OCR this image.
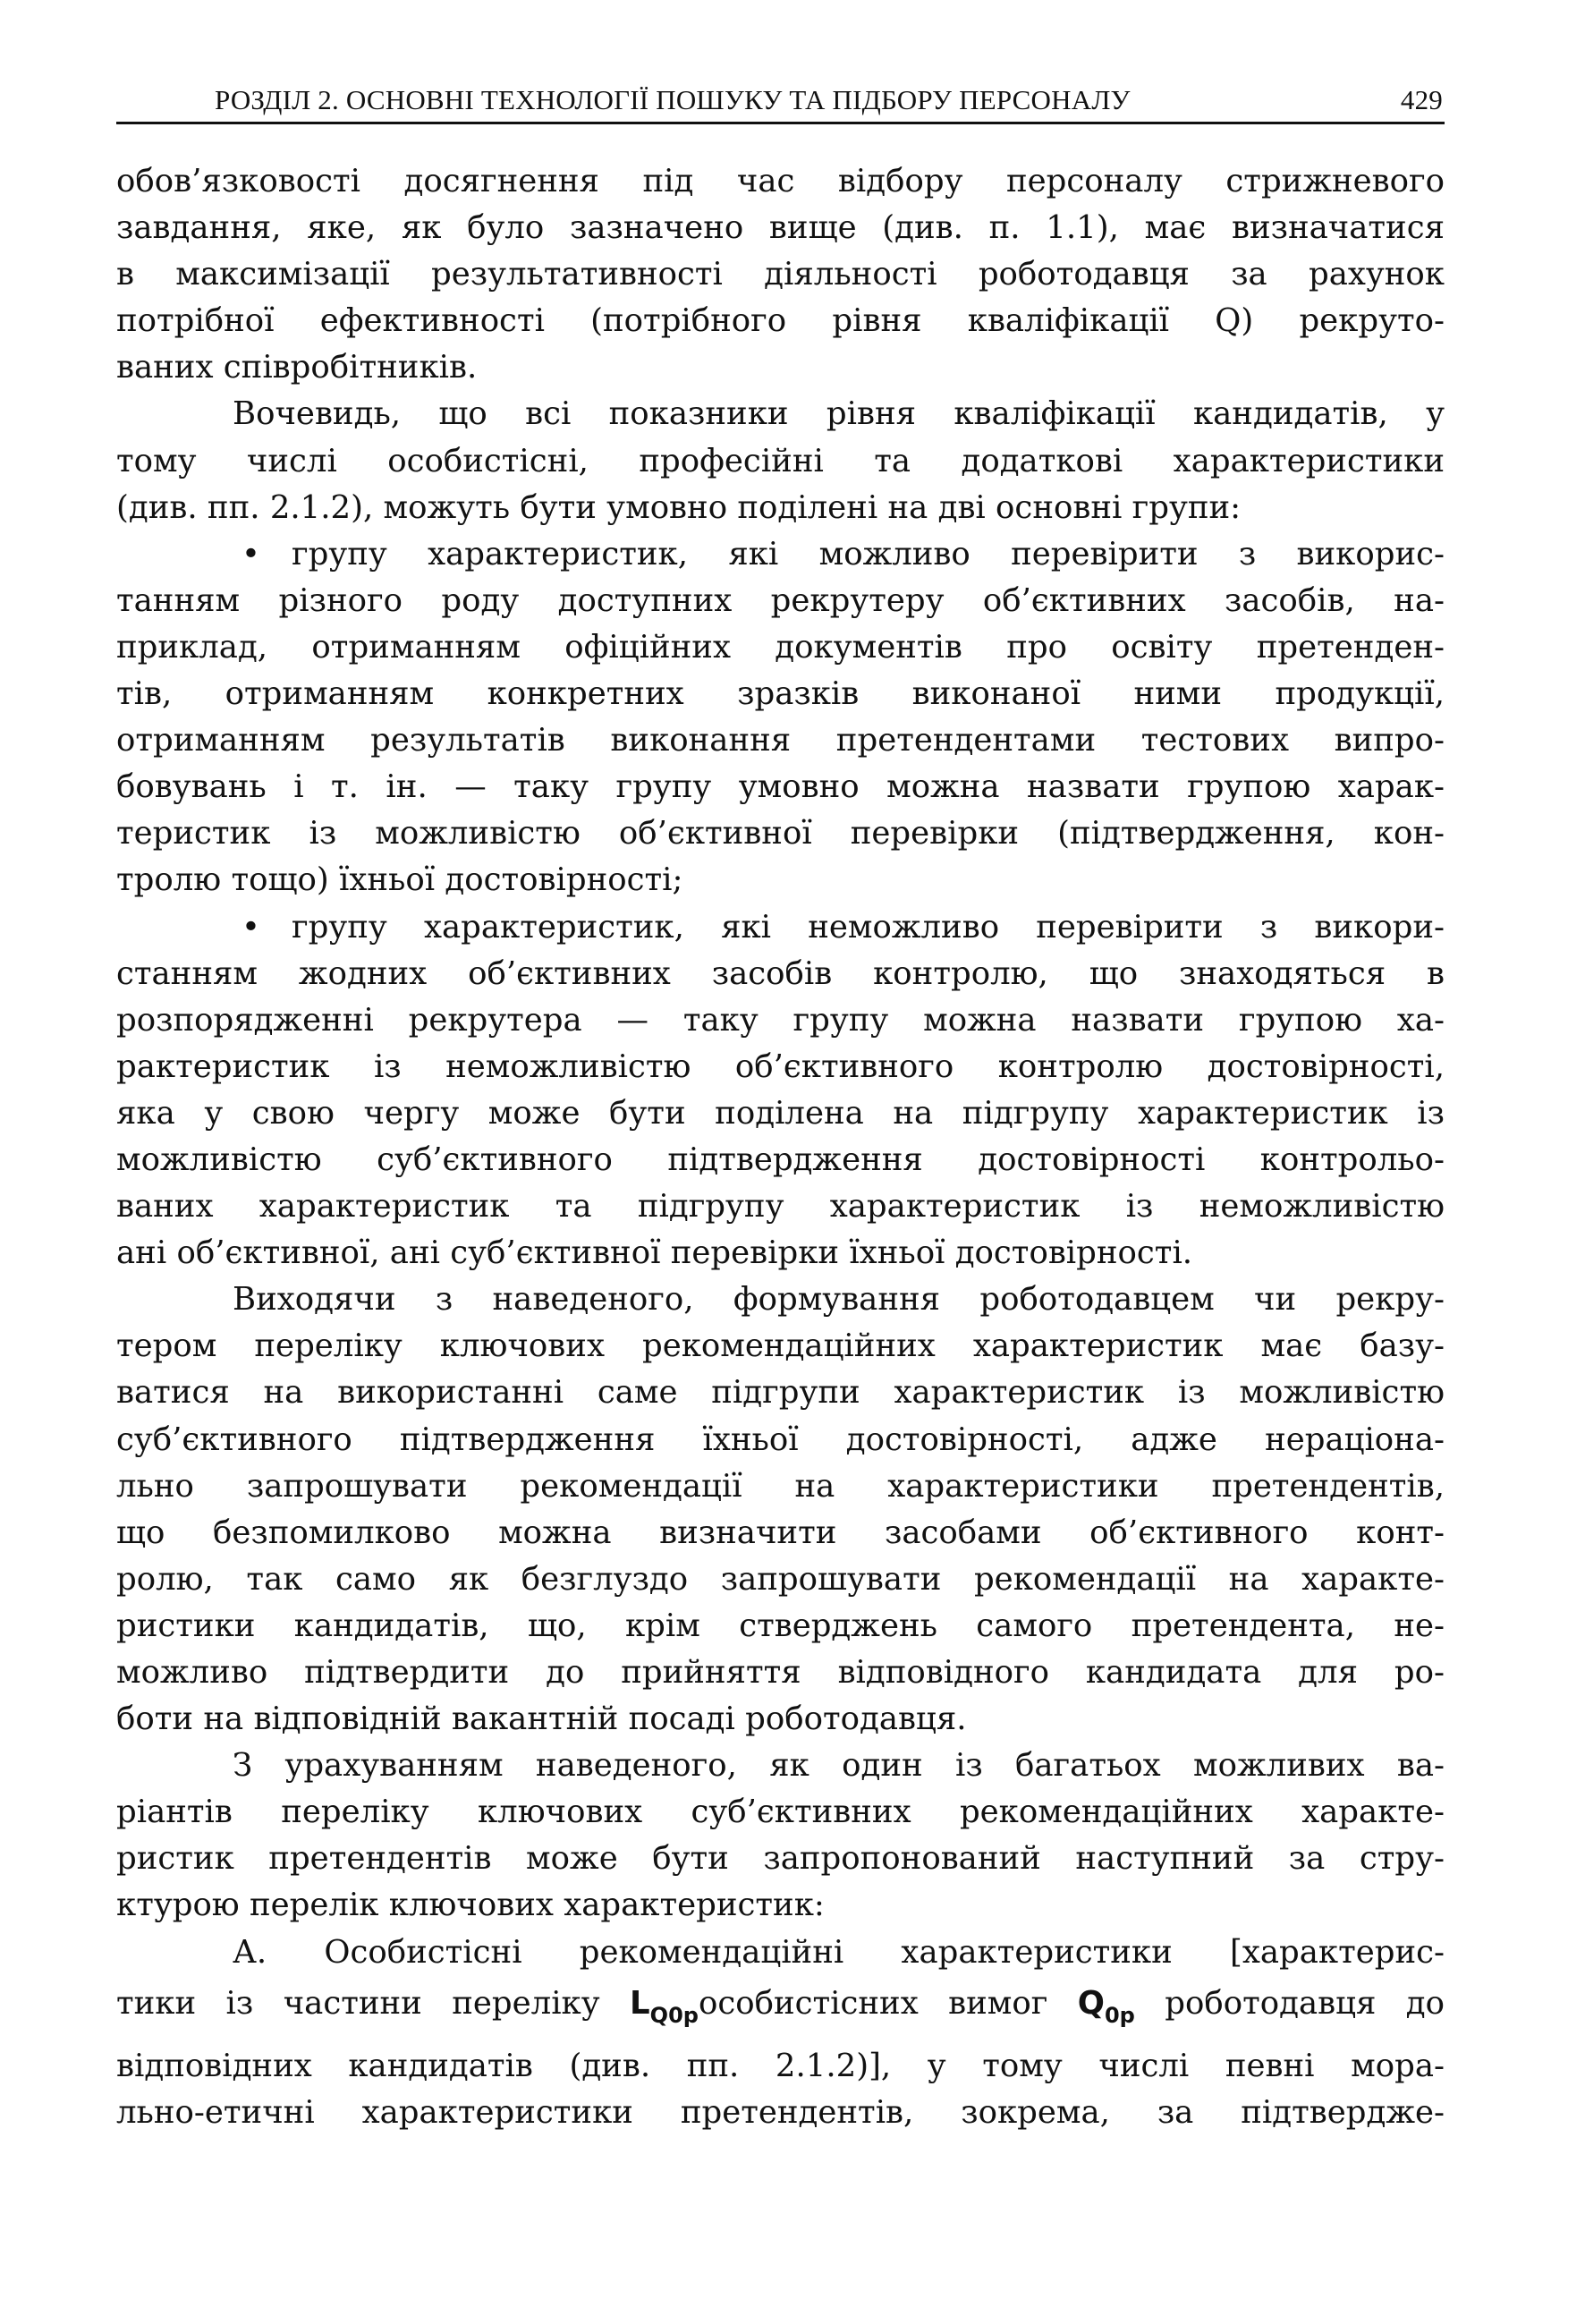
РОЗДІЛ 2. ОСНОВНІ ТЕХНОЛОГІЇ ПОШУКУ ТА ПІДБОРУ ПЕРСОНАЛУ	429
обов’язковості досягнення під час відбору персоналу стрижневого
завдання, яке, як було зазначено вище (див. п. 1.1), має визначатися
в максимізації результативності діяльності роботодавця за рахунок
потрібної ефективності (потрібного рівня кваліфікації Q) рекруто-
ваних співробітників.
Вочевидь, що всі показники рівня кваліфікації кандидатів, у
тому числі особистісні, професійні та додаткові характеристики
(див. пп. 2.1.2), можуть бути умовно поділені на дві основні групи:
• групу характеристик, які можливо перевірити з викорис-
танням різного роду доступних рекрутеру об’єктивних засобів, на-
приклад, отриманням офіційних документів про освіту претенден-
тів, отриманням конкретних зразків виконаної ними продукції,
отриманням результатів виконання претендентами тестових випро-
бовувань і т. ін. — таку групу умовно можна назвати групою харак-
теристик із можливістю об’єктивної перевірки (підтвердження, кон-
тролю тощо) їхньої достовірності;
• групу характеристик, які неможливо перевірити з викори-
станням жодних об’єктивних засобів контролю, що знаходяться в
розпорядженні рекрутера — таку групу можна назвати групою ха-
рактеристик із неможливістю об’єктивного контролю достовірності,
яка у свою чергу може бути поділена на підгрупу характеристик із
можливістю суб’єктивного підтвердження достовірності контрольо-
ваних характеристик та підгрупу характеристик із неможливістю
ані об’єктивної, ані суб’єктивної перевірки їхньої достовірності.
Виходячи з наведеного, формування роботодавцем чи рекру-
тером переліку ключових рекомендаційних характеристик має базу-
ватися на використанні саме підгрупи характеристик із можливістю
суб’єктивного підтвердження їхньої достовірності, адже нераціона-
льно запрошувати рекомендації на характеристики претендентів,
що безпомилково можна визначити засобами об’єктивного конт-
ролю, так само як безглуздо запрошувати рекомендації на характе-
ристики кандидатів, що, крім стверджень самого претендента, не-
можливо підтвердити до прийняття відповідного кандидата для ро-
боти на відповідній вакантній посаді роботодавця.
З урахуванням наведеного, як один із багатьох можливих ва-
ріантів переліку ключових суб’єктивних рекомендаційних характе-
ристик претендентів може бути запропонований наступний за стру-
ктурою перелік ключових характеристик:
А. Особистісні рекомендаційні характеристики [характерис-
тики із частини переліку $L_{Q0p}особистісних$ вимог $Q_{0p}$ роботодавця до
відповідних кандидатів (див. пп. 2.1.2)], у тому числі певні мора-
льно-етичні характеристики претендентів, зокрема, за підтвердже-
